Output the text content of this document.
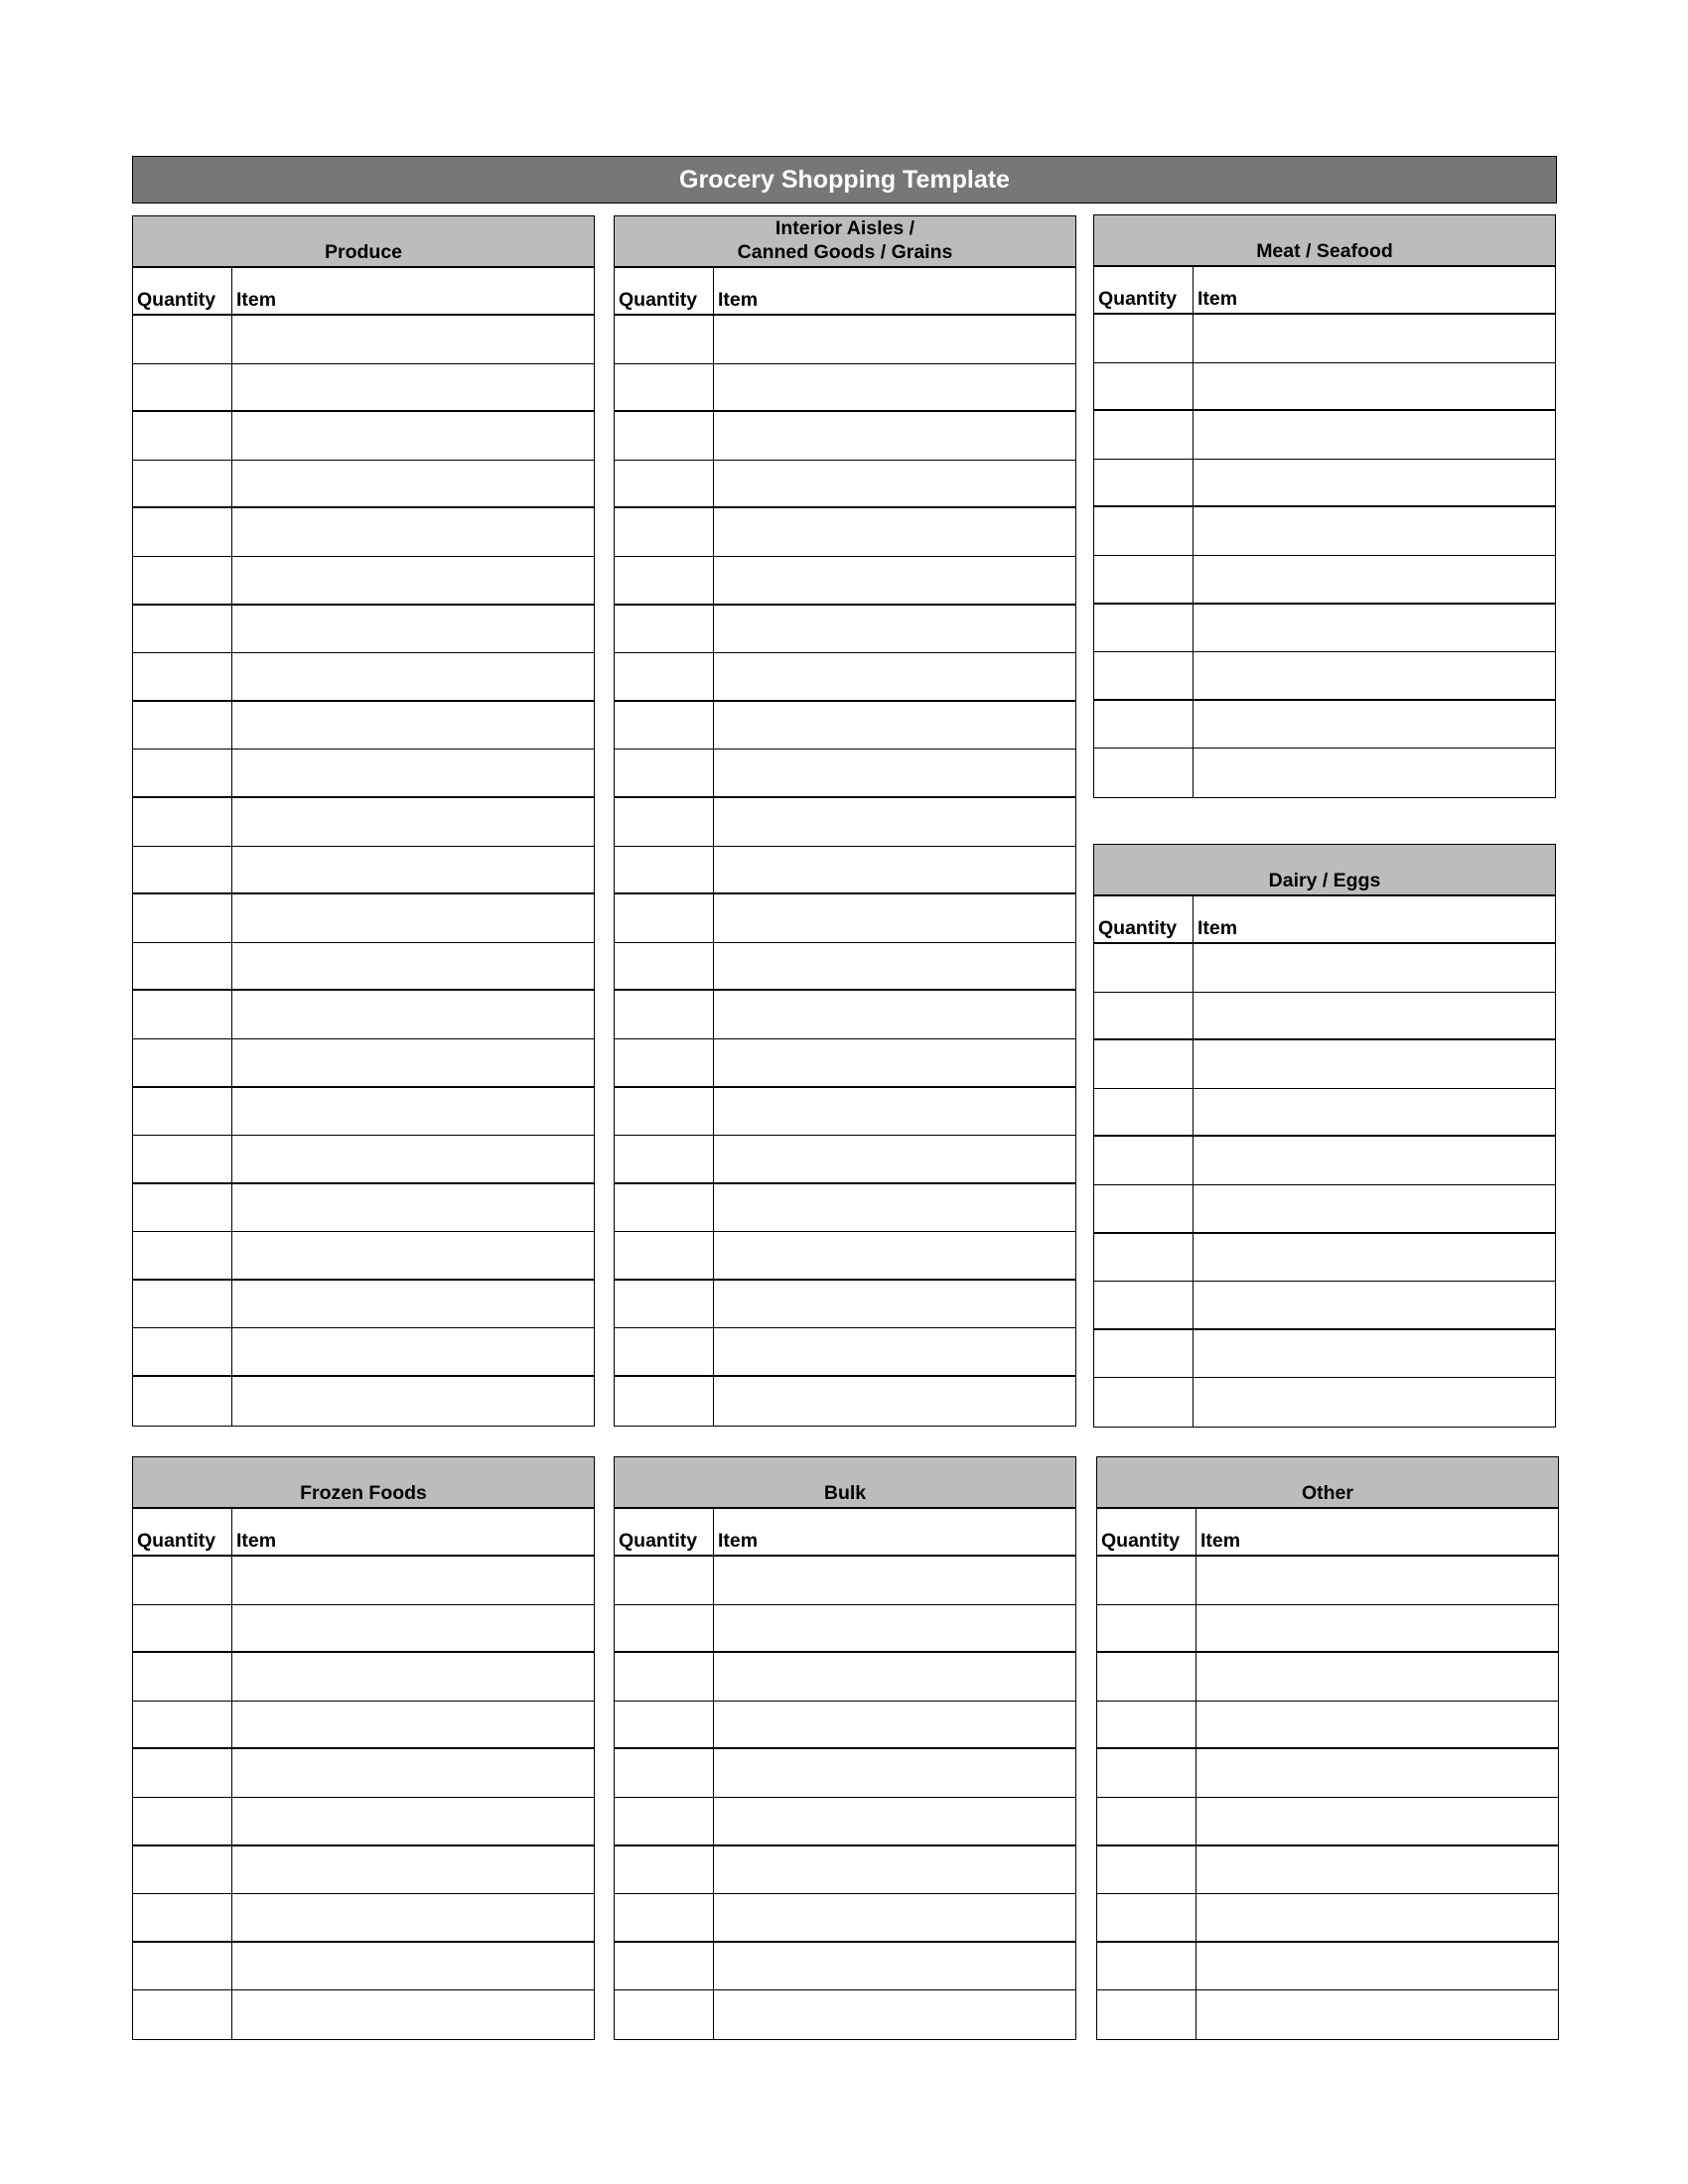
Grocery Shopping Template
Produce
Quantity	Item
Interior Aisles /
Canned Goods / Grains
Quantity	Item
Meat / Seafood
Quantity	Item
Dairy / Eggs
Quantity	Item
Frozen Foods
Quantity	Item
Bulk
Quantity	Item
Other
Quantity	Item
